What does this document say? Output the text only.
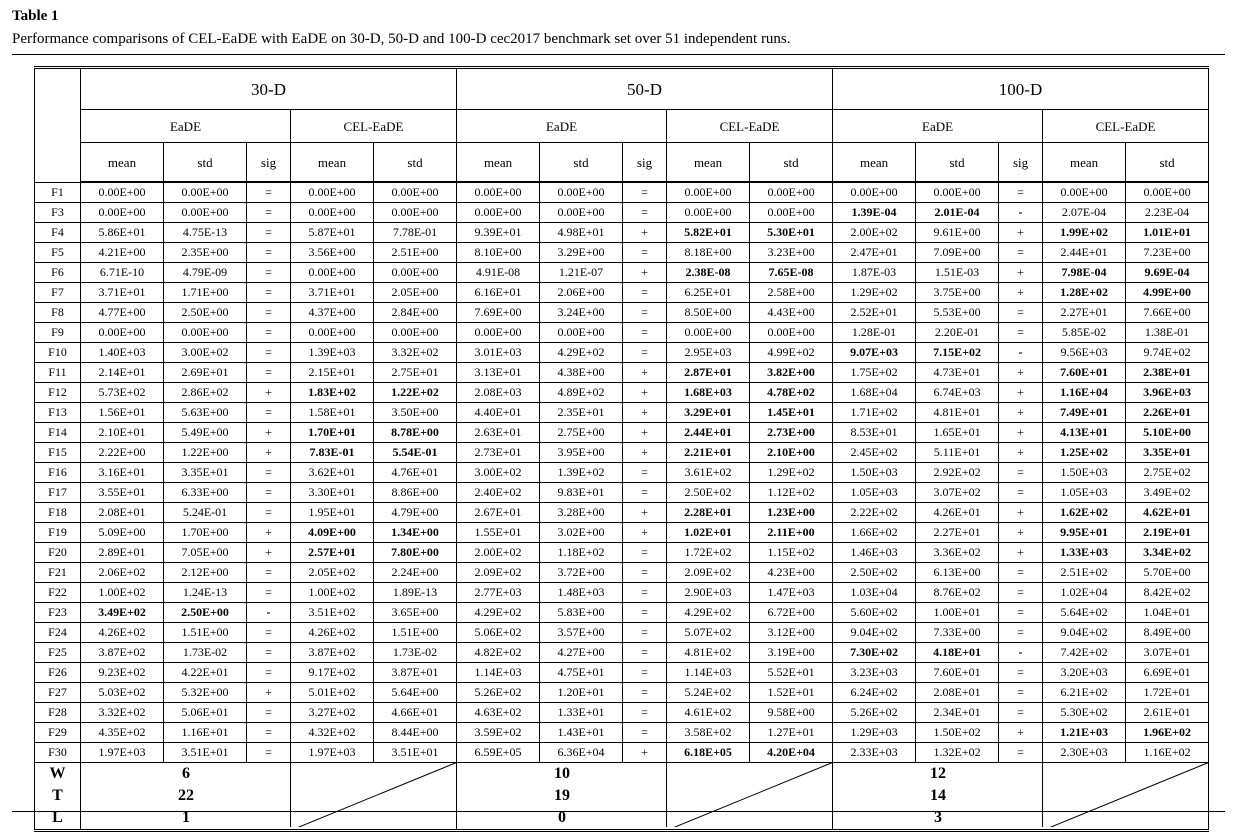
Table 1
Performance comparisons of CEL-EaDE with EaDE on 30-D, 50-D and 100-D cec2017 benchmark set over 51 independent runs.
	30-D					50-D					100-D				
	EaDE			CEL-EaDE		EaDE			CEL-EaDE		EaDE			CEL-EaDE	
	mean	std	sig	mean	std	mean	std	sig	mean	std	mean	std	sig	mean	std
F1	0.00E+00	0.00E+00	=	0.00E+00	0.00E+00	0.00E+00	0.00E+00	=	0.00E+00	0.00E+00	0.00E+00	0.00E+00	=	0.00E+00	0.00E+00
F3	0.00E+00	0.00E+00	=	0.00E+00	0.00E+00	0.00E+00	0.00E+00	=	0.00E+00	0.00E+00	1.39E-04	2.01E-04	-	2.07E-04	2.23E-04
F4	5.86E+01	4.75E-13	=	5.87E+01	7.78E-01	9.39E+01	4.98E+01	+	5.82E+01	5.30E+01	2.00E+02	9.61E+00	+	1.99E+02	1.01E+01
F5	4.21E+00	2.35E+00	=	3.56E+00	2.51E+00	8.10E+00	3.29E+00	=	8.18E+00	3.23E+00	2.47E+01	7.09E+00	=	2.44E+01	7.23E+00
F6	6.71E-10	4.79E-09	=	0.00E+00	0.00E+00	4.91E-08	1.21E-07	+	2.38E-08	7.65E-08	1.87E-03	1.51E-03	+	7.98E-04	9.69E-04
F7	3.71E+01	1.71E+00	=	3.71E+01	2.05E+00	6.16E+01	2.06E+00	=	6.25E+01	2.58E+00	1.29E+02	3.75E+00	+	1.28E+02	4.99E+00
F8	4.77E+00	2.50E+00	=	4.37E+00	2.84E+00	7.69E+00	3.24E+00	=	8.50E+00	4.43E+00	2.52E+01	5.53E+00	=	2.27E+01	7.66E+00
F9	0.00E+00	0.00E+00	=	0.00E+00	0.00E+00	0.00E+00	0.00E+00	=	0.00E+00	0.00E+00	1.28E-01	2.20E-01	=	5.85E-02	1.38E-01
F10	1.40E+03	3.00E+02	=	1.39E+03	3.32E+02	3.01E+03	4.29E+02	=	2.95E+03	4.99E+02	9.07E+03	7.15E+02	-	9.56E+03	9.74E+02
F11	2.14E+01	2.69E+01	=	2.15E+01	2.75E+01	3.13E+01	4.38E+00	+	2.87E+01	3.82E+00	1.75E+02	4.73E+01	+	7.60E+01	2.38E+01
F12	5.73E+02	2.86E+02	+	1.83E+02	1.22E+02	2.08E+03	4.89E+02	+	1.68E+03	4.78E+02	1.68E+04	6.74E+03	+	1.16E+04	3.96E+03
F13	1.56E+01	5.63E+00	=	1.58E+01	3.50E+00	4.40E+01	2.35E+01	+	3.29E+01	1.45E+01	1.71E+02	4.81E+01	+	7.49E+01	2.26E+01
F14	2.10E+01	5.49E+00	+	1.70E+01	8.78E+00	2.63E+01	2.75E+00	+	2.44E+01	2.73E+00	8.53E+01	1.65E+01	+	4.13E+01	5.10E+00
F15	2.22E+00	1.22E+00	+	7.83E-01	5.54E-01	2.73E+01	3.95E+00	+	2.21E+01	2.10E+00	2.45E+02	5.11E+01	+	1.25E+02	3.35E+01
F16	3.16E+01	3.35E+01	=	3.62E+01	4.76E+01	3.00E+02	1.39E+02	=	3.61E+02	1.29E+02	1.50E+03	2.92E+02	=	1.50E+03	2.75E+02
F17	3.55E+01	6.33E+00	=	3.30E+01	8.86E+00	2.40E+02	9.83E+01	=	2.50E+02	1.12E+02	1.05E+03	3.07E+02	=	1.05E+03	3.49E+02
F18	2.08E+01	5.24E-01	=	1.95E+01	4.79E+00	2.67E+01	3.28E+00	+	2.28E+01	1.23E+00	2.22E+02	4.26E+01	+	1.62E+02	4.62E+01
F19	5.09E+00	1.70E+00	+	4.09E+00	1.34E+00	1.55E+01	3.02E+00	+	1.02E+01	2.11E+00	1.66E+02	2.27E+01	+	9.95E+01	2.19E+01
F20	2.89E+01	7.05E+00	+	2.57E+01	7.80E+00	2.00E+02	1.18E+02	=	1.72E+02	1.15E+02	1.46E+03	3.36E+02	+	1.33E+03	3.34E+02
F21	2.06E+02	2.12E+00	=	2.05E+02	2.24E+00	2.09E+02	3.72E+00	=	2.09E+02	4.23E+00	2.50E+02	6.13E+00	=	2.51E+02	5.70E+00
F22	1.00E+02	1.24E-13	=	1.00E+02	1.89E-13	2.77E+03	1.48E+03	=	2.90E+03	1.47E+03	1.03E+04	8.76E+02	=	1.02E+04	8.42E+02
F23	3.49E+02	2.50E+00	-	3.51E+02	3.65E+00	4.29E+02	5.83E+00	=	4.29E+02	6.72E+00	5.60E+02	1.00E+01	=	5.64E+02	1.04E+01
F24	4.26E+02	1.51E+00	=	4.26E+02	1.51E+00	5.06E+02	3.57E+00	=	5.07E+02	3.12E+00	9.04E+02	7.33E+00	=	9.04E+02	8.49E+00
F25	3.87E+02	1.73E-02	=	3.87E+02	1.73E-02	4.82E+02	4.27E+00	=	4.81E+02	3.19E+00	7.30E+02	4.18E+01	-	7.42E+02	3.07E+01
F26	9.23E+02	4.22E+01	=	9.17E+02	3.87E+01	1.14E+03	4.75E+01	=	1.14E+03	5.52E+01	3.23E+03	7.60E+01	=	3.20E+03	6.69E+01
F27	5.03E+02	5.32E+00	+	5.01E+02	5.64E+00	5.26E+02	1.20E+01	=	5.24E+02	1.52E+01	6.24E+02	2.08E+01	=	6.21E+02	1.72E+01
F28	3.32E+02	5.06E+01	=	3.27E+02	4.66E+01	4.63E+02	1.33E+01	=	4.61E+02	9.58E+00	5.26E+02	2.34E+01	=	5.30E+02	2.61E+01
F29	4.35E+02	1.16E+01	=	4.32E+02	8.44E+00	3.59E+02	1.43E+01	=	3.58E+02	1.27E+01	1.29E+03	1.50E+02	+	1.21E+03	1.96E+02
F30	1.97E+03	3.51E+01	=	1.97E+03	3.51E+01	6.59E+05	6.36E+04	+	6.18E+05	4.20E+04	2.33E+03	1.32E+02	=	2.30E+03	1.16E+02
W	6					10					12				
T	22					19					14				
L	1					0					3				
